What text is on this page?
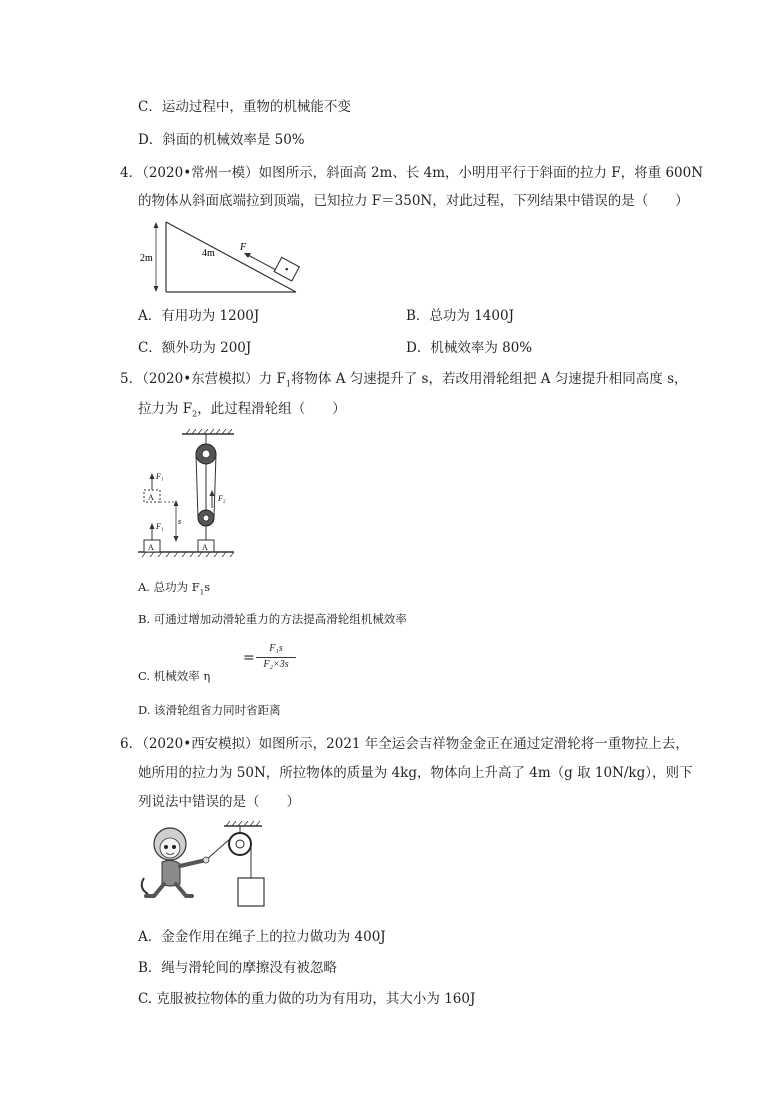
C．运动过程中，重物的机械能不变
D．斜面的机械效率是 50%
4．（2020•常州一模）如图所示，斜面高 2m、长 4m，小明用平行于斜面的拉力 F，将重 600N
的物体从斜面底端拉到顶端，已知拉力 F＝350N，对此过程，下列结果中错误的是（　　）
2m	4m
F
A．有用功为 1200J	B．总功为 1400J
C．额外功为 200J	D．机械效率为 80%
5．（2020•东营模拟）力 $F_1$将物体 A 匀速提升了 s，若改用滑轮组把 A 匀速提升相同高度 s，
拉力为 $F_2$，此过程滑轮组（　　）
F₂
A
A
F₁
A
F₁
s
A. 总功为 $F_1s$
B. 可通过增加动滑轮重力的方法提高滑轮组机械效率
C. 机械效率 η
=
F₁s
F₂×3s
D. 该滑轮组省力同时省距离
6．（2020•西安模拟）如图所示，2021 年全运会吉祥物金金正在通过定滑轮将一重物拉上去，
她所用的拉力为 50N，所拉物体的质量为 4kg，物体向上升高了 4m（g 取 10N/kg），则下
列说法中错误的是（　　）
A．金金作用在绳子上的拉力做功为 400J
B．绳与滑轮间的摩擦没有被忽略
C. 克服被拉物体的重力做的功为有用功，其大小为 160J
